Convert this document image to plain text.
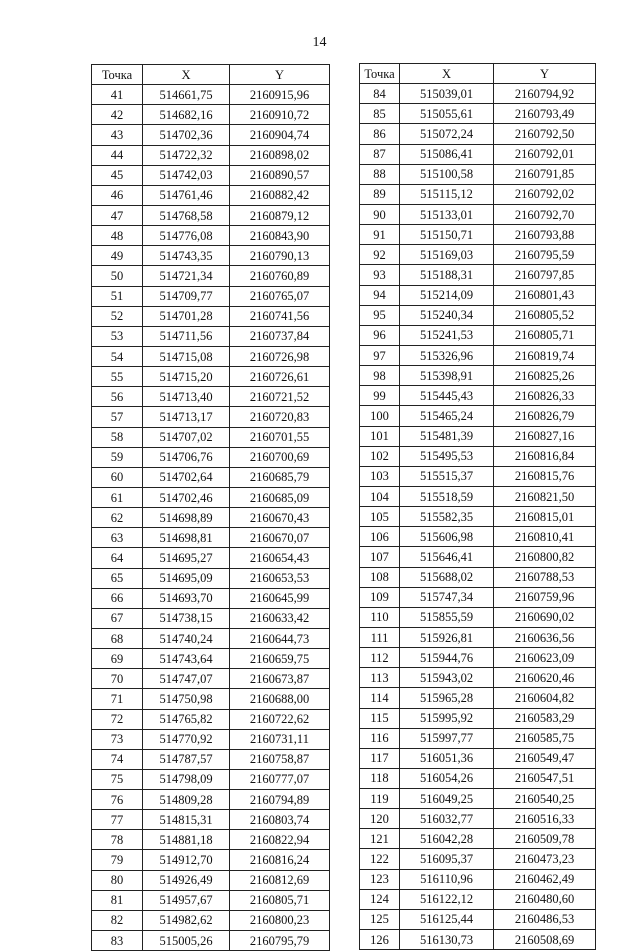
14
Точка	X	Y
41	514661,75	2160915,96
42	514682,16	2160910,72
43	514702,36	2160904,74
44	514722,32	2160898,02
45	514742,03	2160890,57
46	514761,46	2160882,42
47	514768,58	2160879,12
48	514776,08	2160843,90
49	514743,35	2160790,13
50	514721,34	2160760,89
51	514709,77	2160765,07
52	514701,28	2160741,56
53	514711,56	2160737,84
54	514715,08	2160726,98
55	514715,20	2160726,61
56	514713,40	2160721,52
57	514713,17	2160720,83
58	514707,02	2160701,55
59	514706,76	2160700,69
60	514702,64	2160685,79
61	514702,46	2160685,09
62	514698,89	2160670,43
63	514698,81	2160670,07
64	514695,27	2160654,43
65	514695,09	2160653,53
66	514693,70	2160645,99
67	514738,15	2160633,42
68	514740,24	2160644,73
69	514743,64	2160659,75
70	514747,07	2160673,87
71	514750,98	2160688,00
72	514765,82	2160722,62
73	514770,92	2160731,11
74	514787,57	2160758,87
75	514798,09	2160777,07
76	514809,28	2160794,89
77	514815,31	2160803,74
78	514881,18	2160822,94
79	514912,70	2160816,24
80	514926,49	2160812,69
81	514957,67	2160805,71
82	514982,62	2160800,23
83	515005,26	2160795,79
Точка	X	Y
84	515039,01	2160794,92
85	515055,61	2160793,49
86	515072,24	2160792,50
87	515086,41	2160792,01
88	515100,58	2160791,85
89	515115,12	2160792,02
90	515133,01	2160792,70
91	515150,71	2160793,88
92	515169,03	2160795,59
93	515188,31	2160797,85
94	515214,09	2160801,43
95	515240,34	2160805,52
96	515241,53	2160805,71
97	515326,96	2160819,74
98	515398,91	2160825,26
99	515445,43	2160826,33
100	515465,24	2160826,79
101	515481,39	2160827,16
102	515495,53	2160816,84
103	515515,37	2160815,76
104	515518,59	2160821,50
105	515582,35	2160815,01
106	515606,98	2160810,41
107	515646,41	2160800,82
108	515688,02	2160788,53
109	515747,34	2160759,96
110	515855,59	2160690,02
111	515926,81	2160636,56
112	515944,76	2160623,09
113	515943,02	2160620,46
114	515965,28	2160604,82
115	515995,92	2160583,29
116	515997,77	2160585,75
117	516051,36	2160549,47
118	516054,26	2160547,51
119	516049,25	2160540,25
120	516032,77	2160516,33
121	516042,28	2160509,78
122	516095,37	2160473,23
123	516110,96	2160462,49
124	516122,12	2160480,60
125	516125,44	2160486,53
126	516130,73	2160508,69
